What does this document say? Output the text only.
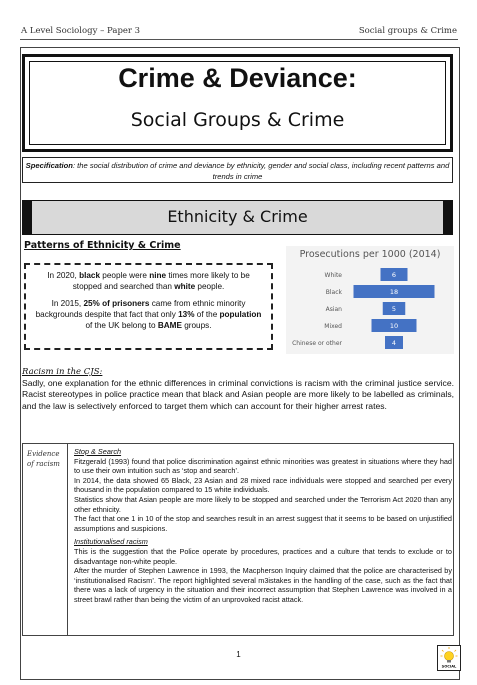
A Level Sociology – Paper 3	Social groups & Crime
Crime & Deviance:
Social Groups & Crime
Specification: the social distribution of crime and deviance by ethnicity, gender and social class, including recent patterns and trends in crime
Ethnicity & Crime
Patterns of Ethnicity & Crime

In 2020, black people were nine times more likely to be stopped and searched than white people.

In 2015, 25% of prisoners came from ethnic minority backgrounds despite that fact that only 13% of the population of the UK belong to BAME groups.

Prosecutions per 1000 (2014)
White	6
Black	18
Asian	5
Mixed	10
Chinese or other	4
Racism in the CJS:
Sadly, one explanation for the ethnic differences in criminal convictions is racism with the criminal justice service. Racist stereotypes in police practice mean that black and Asian people are more likely to be labelled as criminals, and the law is selectively enforced to target them which can account for their higher arrest rates.
Evidence of racism
Stop & Search
Fitzgerald (1993) found that police discrimination against ethnic minorities was greatest in situations where they had to use their own intuition such as ‘stop and search’.
In 2014, the data showed 65 Black, 23 Asian and 28 mixed race individuals were stopped and searched per every thousand in the population compared to 15 white individuals.
Statistics show that Asian people are more likely to be stopped and searched under the Terrorism Act 2020 than any other ethnicity.
The fact that one 1 in 10 of the stop and searches result in an arrest suggest that it seems to be based on unjustified assumptions and suspicions.
Institutionalised racism
This is the suggestion that the Police operate by procedures, practices and a culture that tends to exclude or to disadvantage non-white people.
After the murder of Stephen Lawrence in 1993, the Macpherson Inquiry claimed that the police are characterised by ‘institutionalised Racism’. The report highlighted several m3istakes in the handling of the case, such as the fact that there was a lack of urgency in the situation and their incorrect assumption that Stephen Lawrence was involved in a street brawl rather than being the victim of an unprovoked racist attack.
1
SOCIAL
